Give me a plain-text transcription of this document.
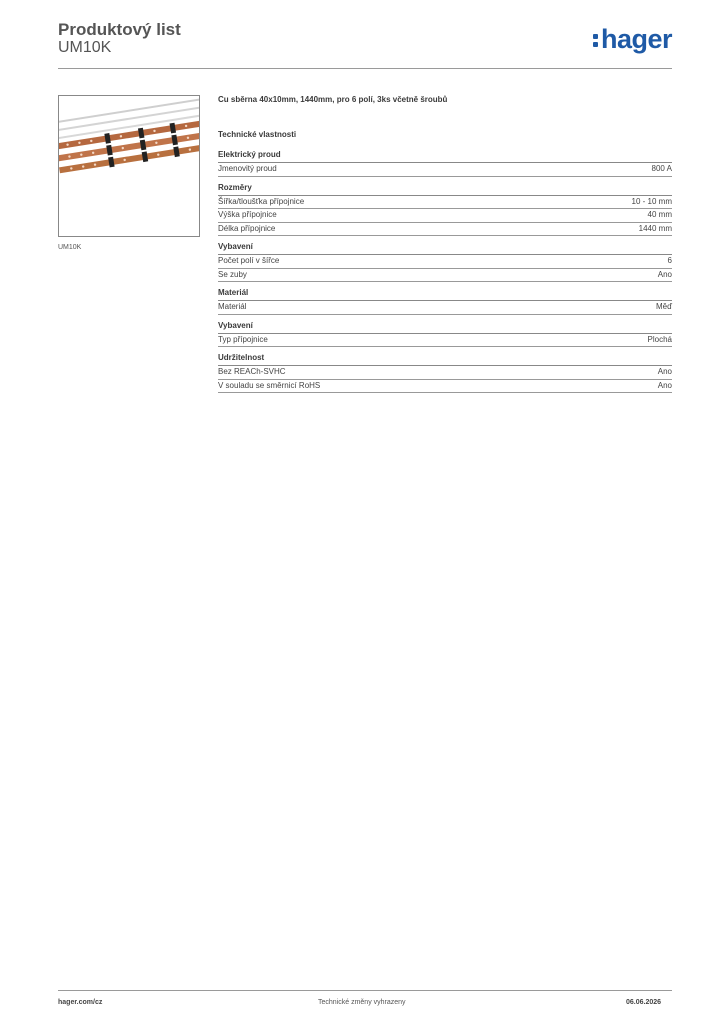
Produktový list
UM10K	hager
UM10K
Cu sběrna 40x10mm, 1440mm, pro 6 polí, 3ks včetně šroubů
Technické vlastnosti
Elektrický proud
Jmenovitý proud	800 A
Rozměry
Šířka/tloušťka přípojnice	10 - 10 mm
Výška přípojnice	40 mm
Délka přípojnice	1440 mm
Vybavení
Počet polí v šířce	6
Se zuby	Ano
Materiál
Materiál	Měď
Vybavení
Typ přípojnice	Plochá
Udržitelnost
Bez REACh-SVHC	Ano
V souladu se směrnicí RoHS	Ano
hager.com/cz	Technické změny vyhrazeny	06.06.2026
